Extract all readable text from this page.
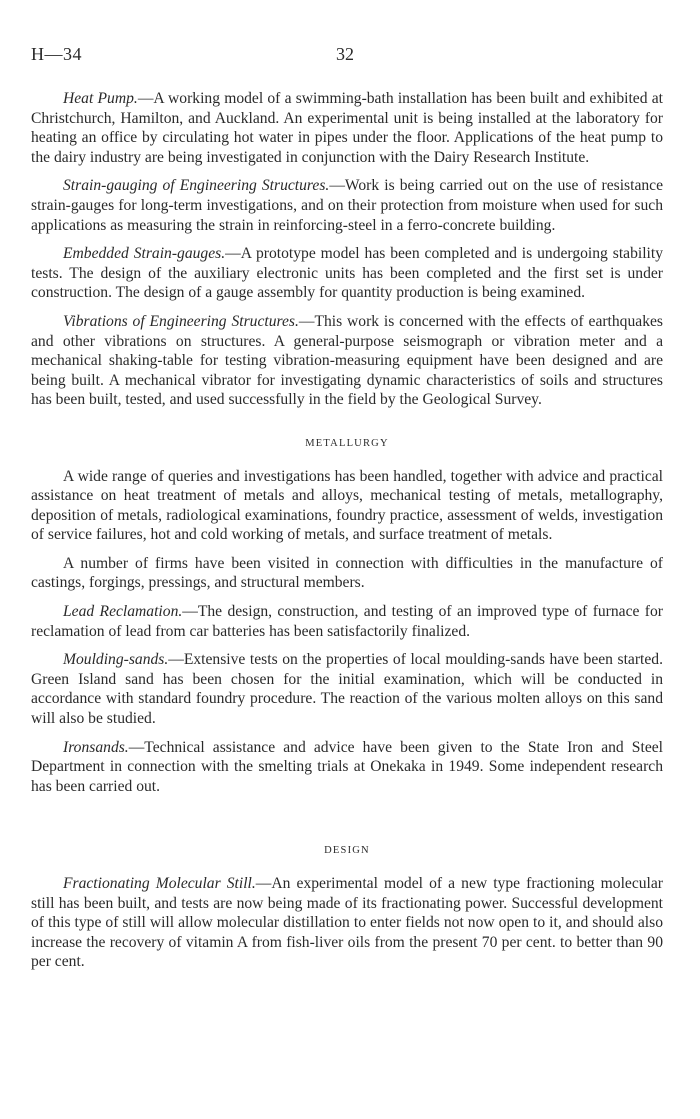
H—34	32

Heat Pump.—A working model of a swimming-bath installation has been built and exhibited at Christchurch, Hamilton, and Auckland. An experimental unit is being installed at the laboratory for heating an office by circulating hot water in pipes under the floor. Applications of the heat pump to the dairy industry are being investigated in conjunction with the Dairy Research Institute.

Strain-gauging of Engineering Structures.—Work is being carried out on the use of resistance strain-gauges for long-term investigations, and on their protection from moisture when used for such applications as measuring the strain in reinforcing-steel in a ferro-concrete building.

Embedded Strain-gauges.—A prototype model has been completed and is undergoing stability tests. The design of the auxiliary electronic units has been completed and the first set is under construction. The design of a gauge assembly for quantity production is being examined.

Vibrations of Engineering Structures.—This work is concerned with the effects of earthquakes and other vibrations on structures. A general-purpose seismograph or vibration meter and a mechanical shaking-table for testing vibration-measuring equipment have been designed and are being built. A mechanical vibrator for investigating dynamic characteristics of soils and structures has been built, tested, and used successfully in the field by the Geological Survey.

METALLURGY

A wide range of queries and investigations has been handled, together with advice and practical assistance on heat treatment of metals and alloys, mechanical testing of metals, metallography, deposition of metals, radiological examinations, foundry practice, assessment of welds, investigation of service failures, hot and cold working of metals, and surface treatment of metals.

A number of firms have been visited in connection with difficulties in the manufacture of castings, forgings, pressings, and structural members.

Lead Reclamation.—The design, construction, and testing of an improved type of furnace for reclamation of lead from car batteries has been satisfactorily finalized.

Moulding-sands.—Extensive tests on the properties of local moulding-sands have been started. Green Island sand has been chosen for the initial examination, which will be conducted in accordance with standard foundry procedure. The reaction of the various molten alloys on this sand will also be studied.

Ironsands.—Technical assistance and advice have been given to the State Iron and Steel Department in connection with the smelting trials at Onekaka in 1949. Some independent research has been carried out.

DESIGN

Fractionating Molecular Still.—An experimental model of a new type fractioning molecular still has been built, and tests are now being made of its fractionating power. Successful development of this type of still will allow molecular distillation to enter fields not now open to it, and should also increase the recovery of vitamin A from fish-liver oils from the present 70 per cent. to better than 90 per cent.
